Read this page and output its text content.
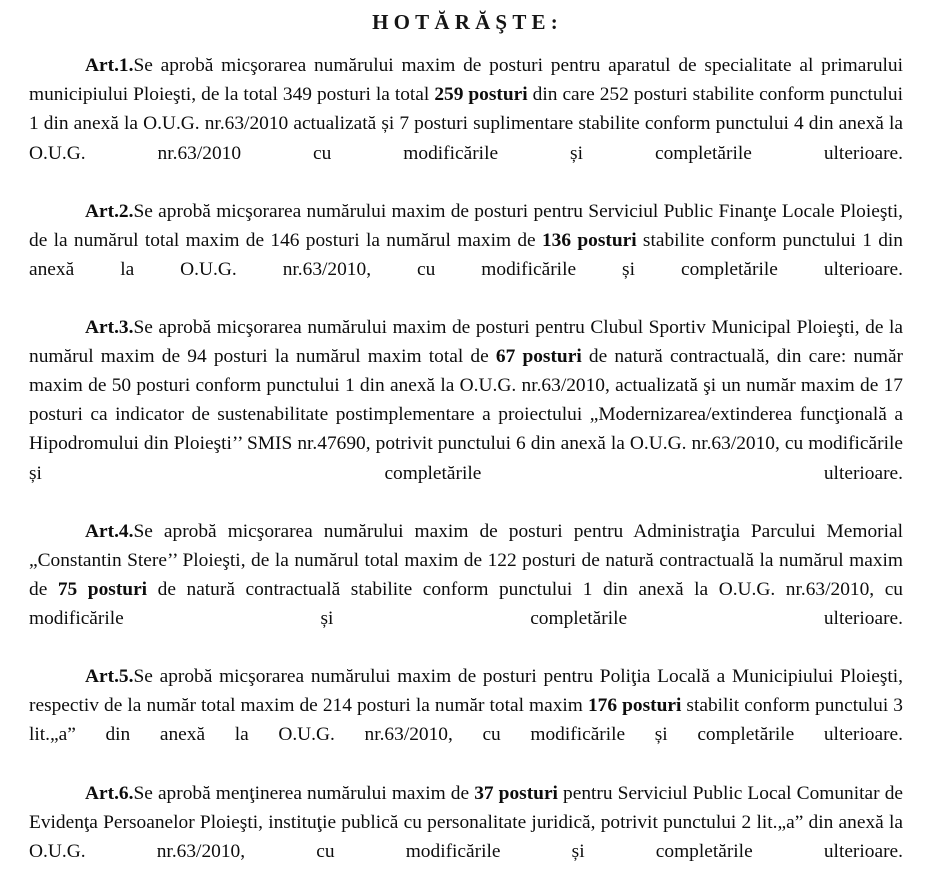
HOTĂRĂŞTE:

Art.1.Se aprobă micşorarea numărului maxim de posturi pentru aparatul de specialitate al primarului municipiului Ploieşti, de la total 349 posturi la total 259 posturi din care 252 posturi stabilite conform punctului 1 din anexă la O.U.G. nr.63/2010 actualizată și 7 posturi suplimentare stabilite conform punctului 4 din anexă la O.U.G. nr.63/2010 cu modificările și completările ulterioare.

Art.2.Se aprobă micşorarea numărului maxim de posturi pentru Serviciul Public Finanţe Locale Ploieşti, de la numărul total maxim de 146 posturi la numărul maxim de 136 posturi stabilite conform punctului 1 din anexă la O.U.G. nr.63/2010, cu modificările și completările ulterioare.

Art.3.Se aprobă micşorarea numărului maxim de posturi pentru Clubul Sportiv Municipal Ploieşti, de la numărul maxim de 94 posturi la numărul maxim total de 67 posturi de natură contractuală, din care: număr maxim de 50 posturi conform punctului 1 din anexă la O.U.G. nr.63/2010, actualizată şi un număr maxim de 17 posturi ca indicator de sustenabilitate postimplementare a proiectului „Modernizarea/extinderea funcţională a Hipodromului din Ploieşti’’ SMIS nr.47690, potrivit punctului 6 din anexă la O.U.G. nr.63/2010, cu modificările și completările ulterioare.

Art.4.Se aprobă micşorarea numărului maxim de posturi pentru Administraţia Parcului Memorial „Constantin Stere’’ Ploieşti, de la numărul total maxim de 122 posturi de natură contractuală la numărul maxim de 75 posturi de natură contractuală stabilite conform punctului 1 din anexă la O.U.G. nr.63/2010, cu modificările și completările ulterioare.

Art.5.Se aprobă micşorarea numărului maxim de posturi pentru Poliţia Locală a Municipiului Ploieşti, respectiv de la număr total maxim de 214 posturi la număr total maxim 176 posturi stabilit conform punctului 3 lit.„a” din anexă la O.U.G. nr.63/2010, cu modificările și completările ulterioare.

Art.6.Se aprobă menţinerea numărului maxim de 37 posturi pentru Serviciul Public Local Comunitar de Evidenţa Persoanelor Ploieşti, instituţie publică cu personalitate juridică, potrivit punctului 2 lit.„a” din anexă la O.U.G. nr.63/2010, cu modificările și completările ulterioare.
